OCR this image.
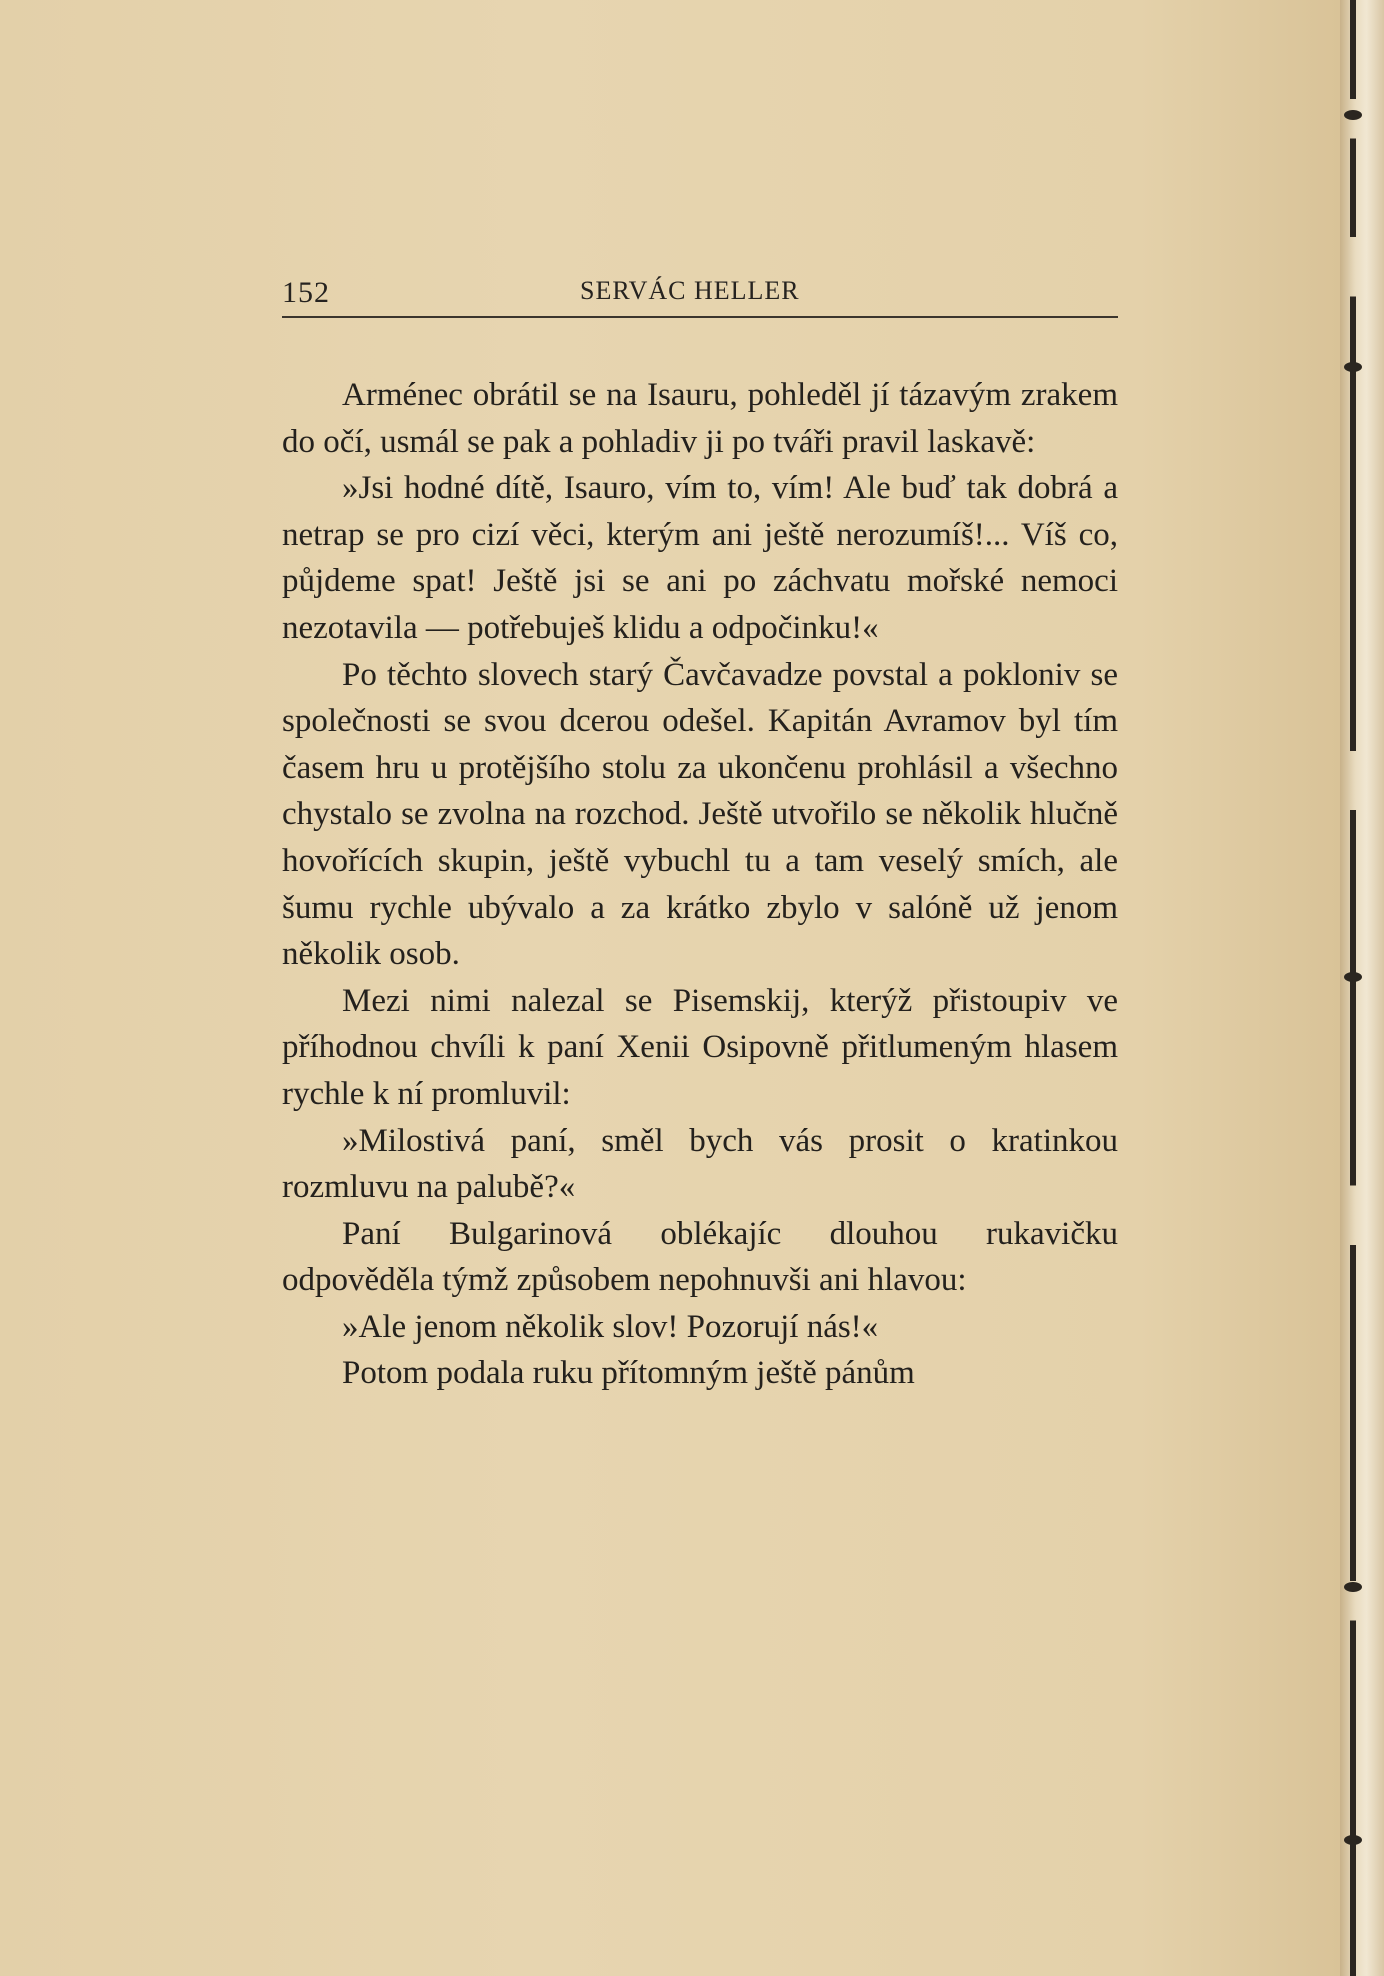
152	SERVÁC HELLER

Arménec obrátil se na Isauru, pohleděl jí tázavým zrakem do očí, usmál se pak a pohladiv ji po tváři pravil laskavě:

»Jsi hodné dítě, Isauro, vím to, vím! Ale buď tak dobrá a netrap se pro cizí věci, kterým ani ještě nerozumíš!... Víš co, půjdeme spat! Ještě jsi se ani po záchvatu mořské nemoci nezotavila — potřebuješ klidu a odpočinku!«

Po těchto slovech starý Čavčavadze povstal a pokloniv se společnosti se svou dcerou odešel. Kapitán Avramov byl tím časem hru u protějšího stolu za ukončenu prohlásil a všechno chystalo se zvolna na rozchod. Ještě utvořilo se několik hlučně hovořících skupin, ještě vybuchl tu a tam veselý smích, ale šumu rychle ubývalo a za krátko zbylo v salóně už jenom několik osob.

Mezi nimi nalezal se Pisemskij, kterýž přistoupiv ve příhodnou chvíli k paní Xenii Osipovně přitlumeným hlasem rychle k ní promluvil:

»Milostivá paní, směl bych vás prosit o kratinkou rozmluvu na palubě?«

Paní Bulgarinová oblékajíc dlouhou rukavičku odpověděla týmž způsobem nepohnuvši ani hlavou:

»Ale jenom několik slov! Pozorují nás!«

Potom podala ruku přítomným ještě pánům
